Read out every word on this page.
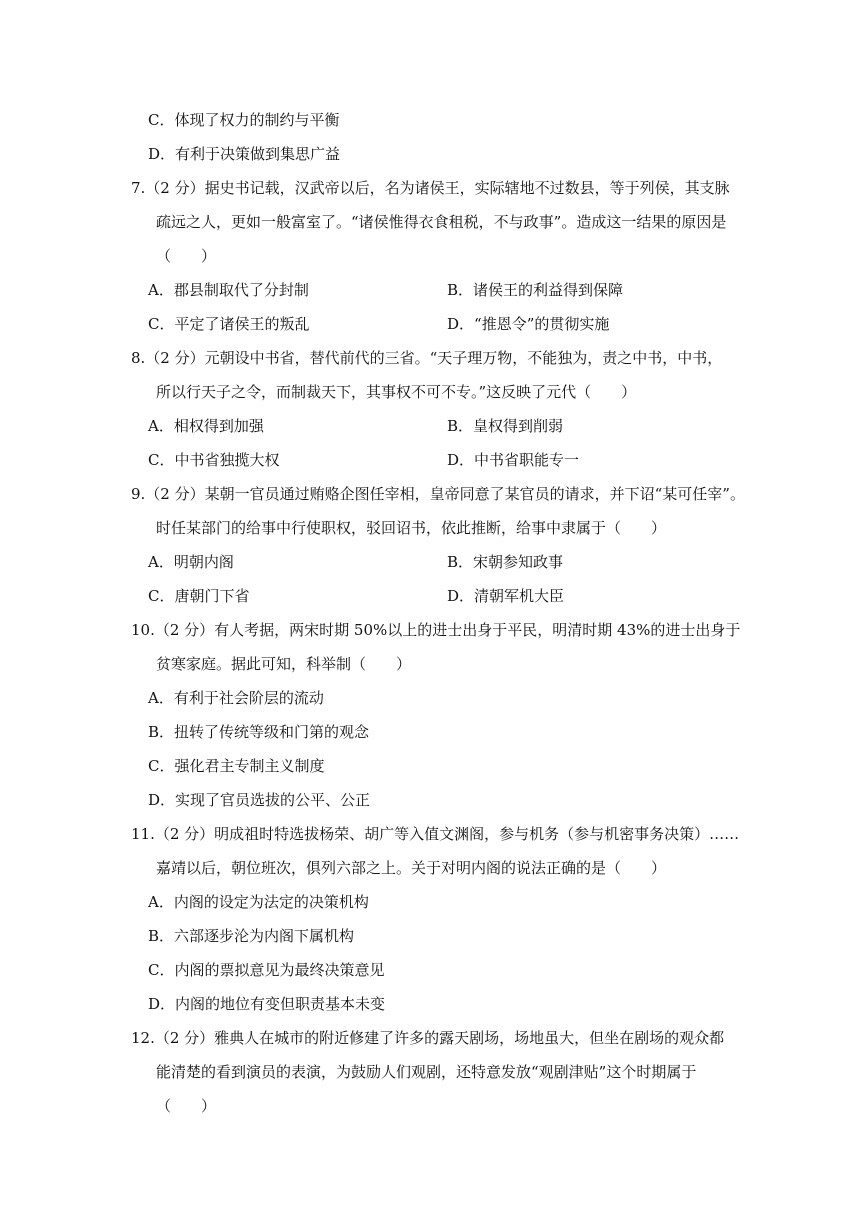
C．体现了权力的制约与平衡
D．有利于决策做到集思广益
7.（2 分）据史书记载，汉武帝以后，名为诸侯王，实际辖地不过数县，等于列侯，其支脉
疏远之人，更如一般富室了。“诸侯惟得衣食租税，不与政事”。造成这一结果的原因是
（　　）
A．郡县制取代了分封制	B．诸侯王的利益得到保障
C．平定了诸侯王的叛乱	D．“推恩令”的贯彻实施
8.（2 分）元朝设中书省，替代前代的三省。“天子理万物，不能独为，责之中书，中书，
所以行天子之令，而制裁天下，其事权不可不专。”这反映了元代（　　）
A．相权得到加强	B．皇权得到削弱
C．中书省独揽大权	D．中书省职能专一
9.（2 分）某朝一官员通过贿赂企图任宰相，皇帝同意了某官员的请求，并下诏“某可任宰”。
时任某部门的给事中行使职权，驳回诏书，依此推断，给事中隶属于（　　）
A．明朝内阁	B．宋朝参知政事
C．唐朝门下省	D．清朝军机大臣
10.（2 分）有人考据，两宋时期 50%以上的进士出身于平民，明清时期 43%的进士出身于
贫寒家庭。据此可知，科举制（　　）
A．有利于社会阶层的流动
B．扭转了传统等级和门第的观念
C．强化君主专制主义制度
D．实现了官员选拔的公平、公正
11.（2 分）明成祖时特选拔杨荣、胡广等入值文渊阁，参与机务（参与机密事务决策）……
嘉靖以后，朝位班次，俱列六部之上。关于对明内阁的说法正确的是（　　）
A．内阁的设定为法定的决策机构
B．六部逐步沦为内阁下属机构
C．内阁的票拟意见为最终决策意见
D．内阁的地位有变但职责基本未变
12.（2 分）雅典人在城市的附近修建了许多的露天剧场，场地虽大，但坐在剧场的观众都
能清楚的看到演员的表演，为鼓励人们观剧，还特意发放“观剧津贴”这个时期属于
（　　）
